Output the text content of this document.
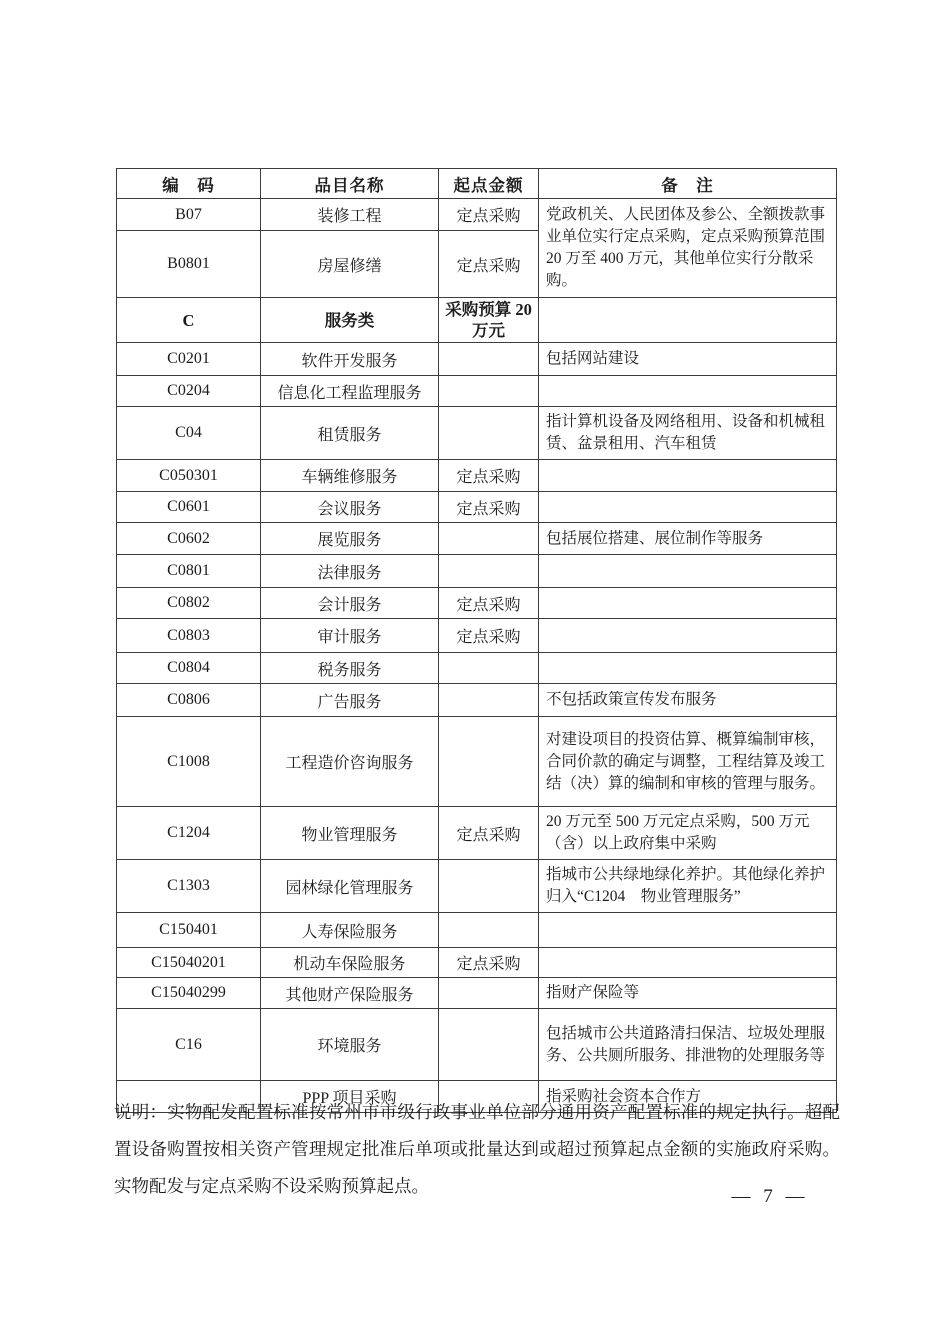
编　码	品目名称	起点金额	备　注
B07	装修工程	定点采购	党政机关、人民团体及参公、全额拨款事业单位实行定点采购，定点采购预算范围 20 万至 400 万元，其他单位实行分散采购。
B0801	房屋修缮	定点采购	
C	服务类	采购预算 20 万元	
C0201	软件开发服务		包括网站建设
C0204	信息化工程监理服务		
C04	租赁服务		指计算机设备及网络租用、设备和机械租赁、盆景租用、汽车租赁
C050301	车辆维修服务	定点采购	
C0601	会议服务	定点采购	
C0602	展览服务		包括展位搭建、展位制作等服务
C0801	法律服务		
C0802	会计服务	定点采购	
C0803	审计服务	定点采购	
C0804	税务服务		
C0806	广告服务		不包括政策宣传发布服务
C1008	工程造价咨询服务		对建设项目的投资估算、概算编制审核，合同价款的确定与调整，工程结算及竣工结（决）算的编制和审核的管理与服务。
C1204	物业管理服务	定点采购	20 万元至 500 万元定点采购，500 万元（含）以上政府集中采购
C1303	园林绿化管理服务		指城市公共绿地绿化养护。其他绿化养护归入“C1204　物业管理服务”
C150401	人寿保险服务		
C15040201	机动车保险服务	定点采购	
C15040299	其他财产保险服务		指财产保险等
C16	环境服务		包括城市公共道路清扫保洁、垃圾处理服务、公共厕所服务、排泄物的处理服务等
	PPP 项目采购		指采购社会资本合作方

说明：实物配发配置标准按常州市市级行政事业单位部分通用资产配置标准的规定执行。超配置设备购置按相关资产管理规定批准后单项或批量达到或超过预算起点金额的实施政府采购。实物配发与定点采购不设采购预算起点。	— 7 —
